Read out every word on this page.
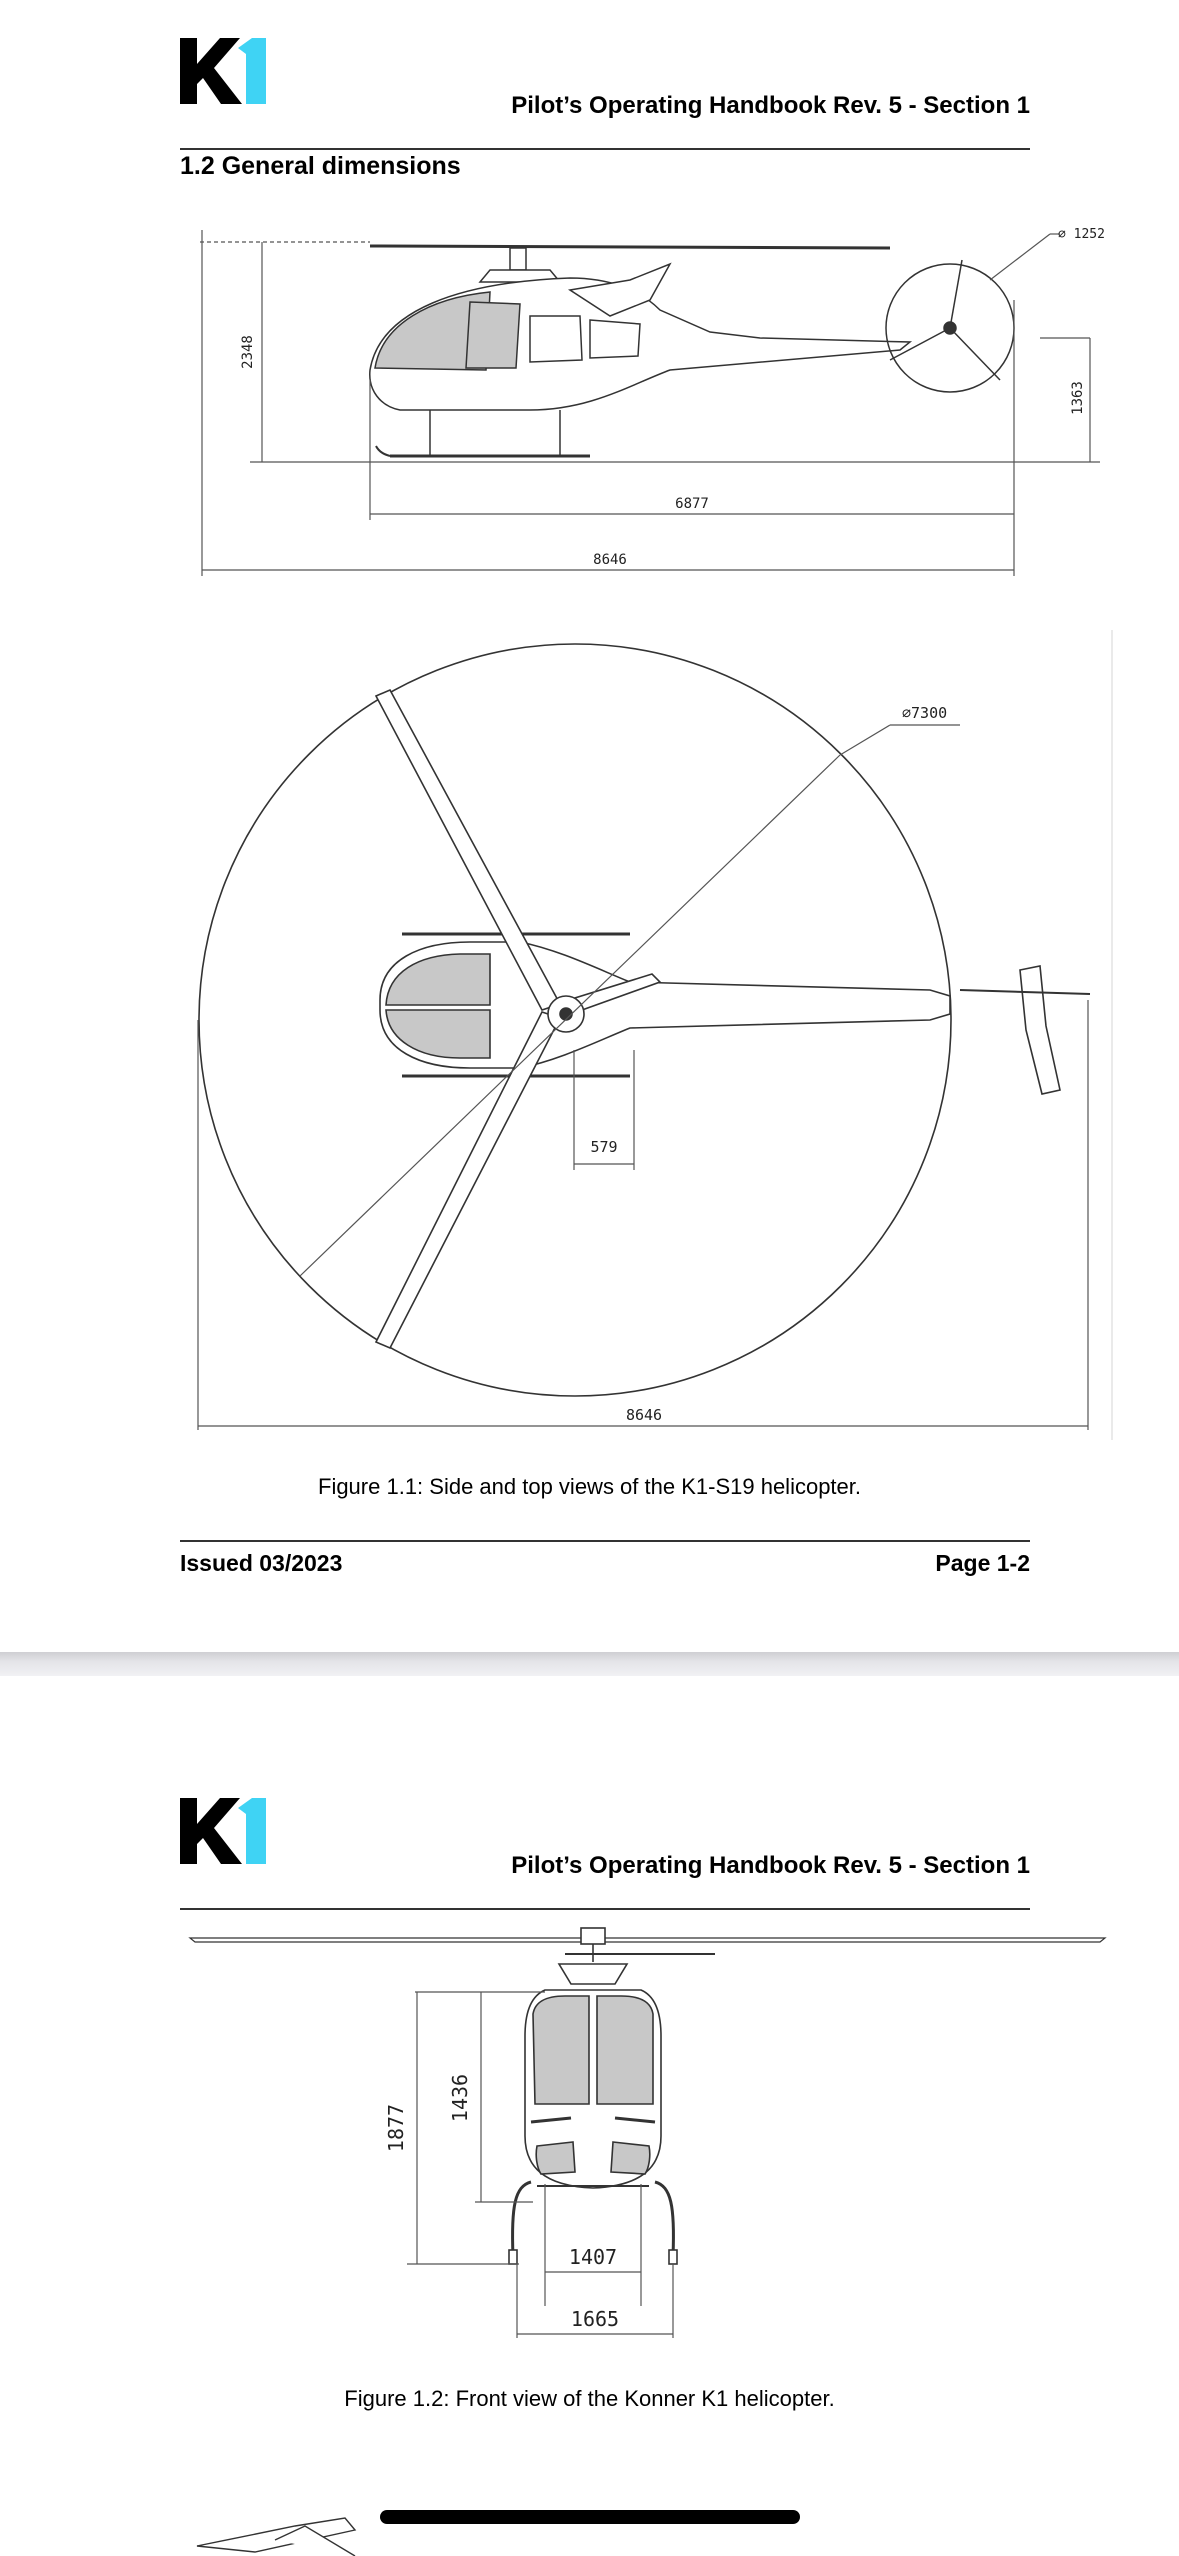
Pilot’s Operating Handbook Rev. 5 - Section 1
1.2 General dimensions
2348
⌀ 1252
1363
6877
8646
⌀7300
579
8646
Figure 1.1: Side and top views of the K1-S19 helicopter.
Issued 03/2023	Page 1-2
Pilot’s Operating Handbook Rev. 5 - Section 1
1877
1436
1407
1665
Figure 1.2: Front view of the Konner K1 helicopter.
